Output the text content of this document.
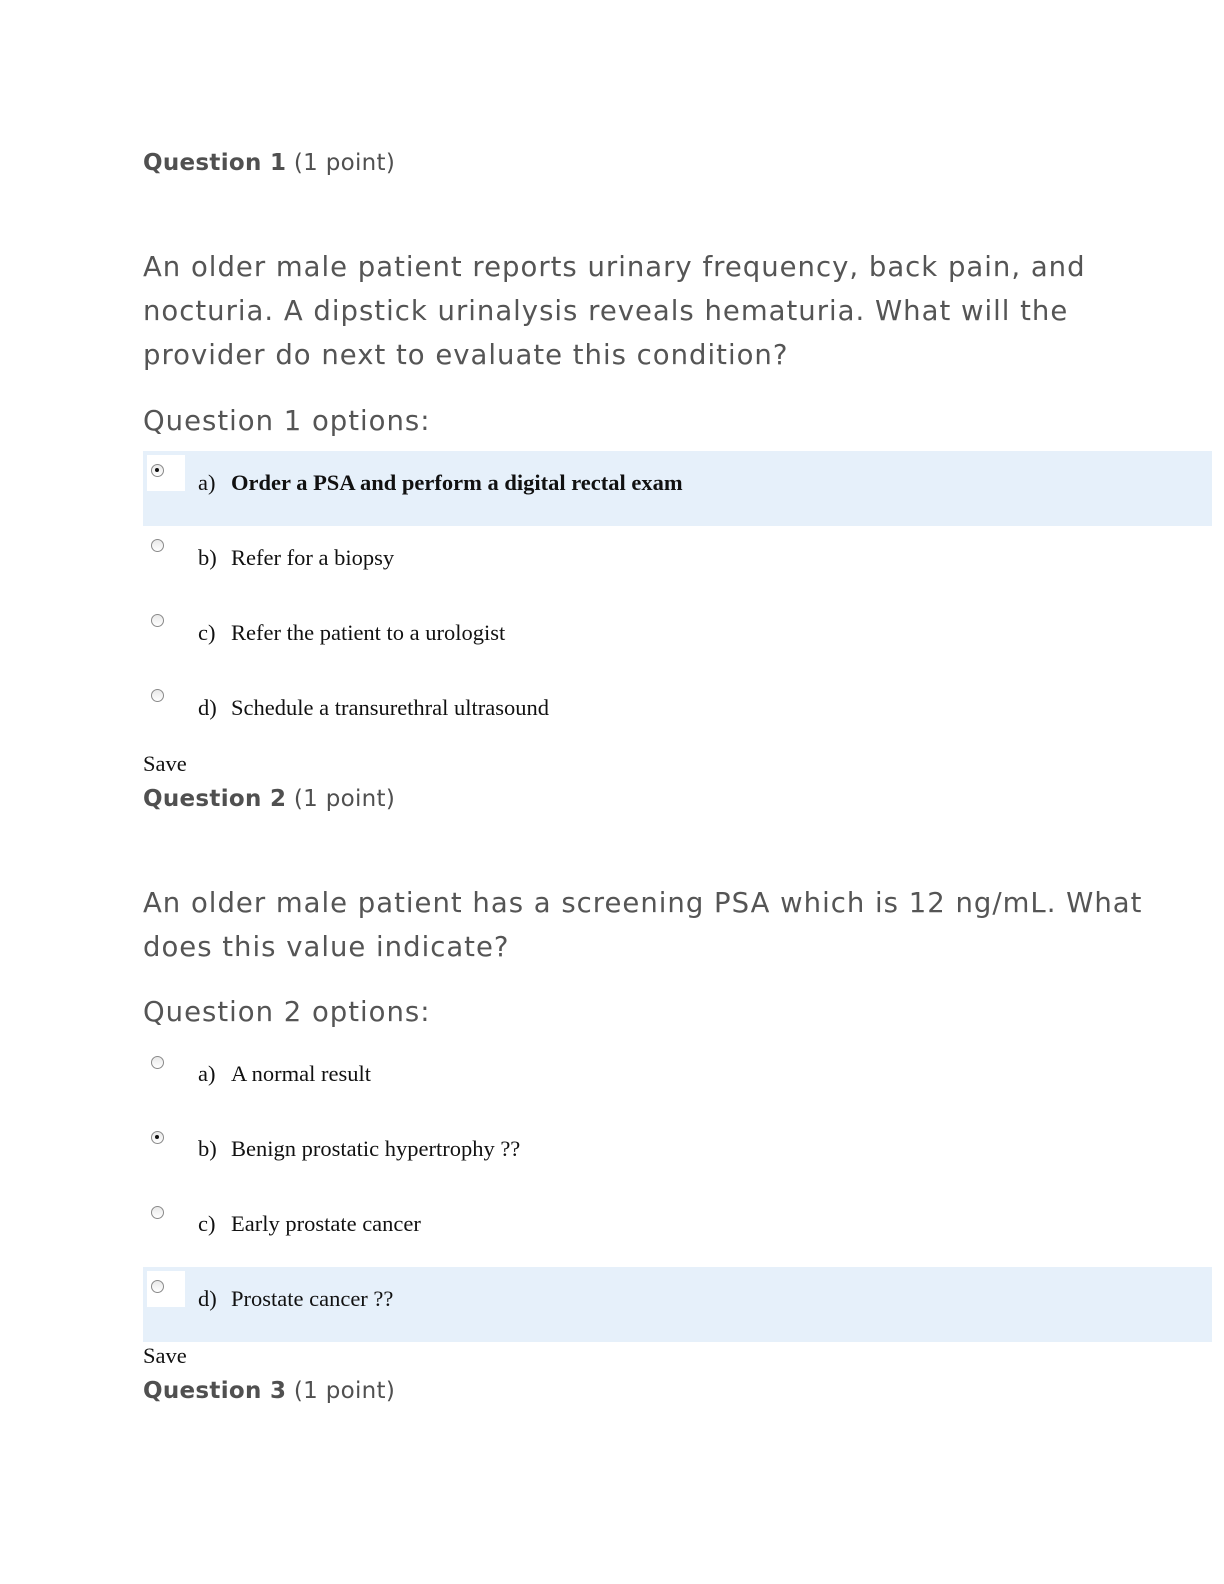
Question 1 (1 point)
An older male patient reports urinary frequency, back pain, and nocturia. A dipstick urinalysis reveals hematuria. What will the provider do next to evaluate this condition?
Question 1 options:
a) Order a PSA and perform a digital rectal exam
b) Refer for a biopsy
c) Refer the patient to a urologist
d) Schedule a transurethral ultrasound
Save
Question 2 (1 point)
An older male patient has a screening PSA which is 12 ng/mL. What does this value indicate?
Question 2 options:
a) A normal result
b) Benign prostatic hypertrophy ??
c) Early prostate cancer
d) Prostate cancer ??
Save
Question 3 (1 point)
